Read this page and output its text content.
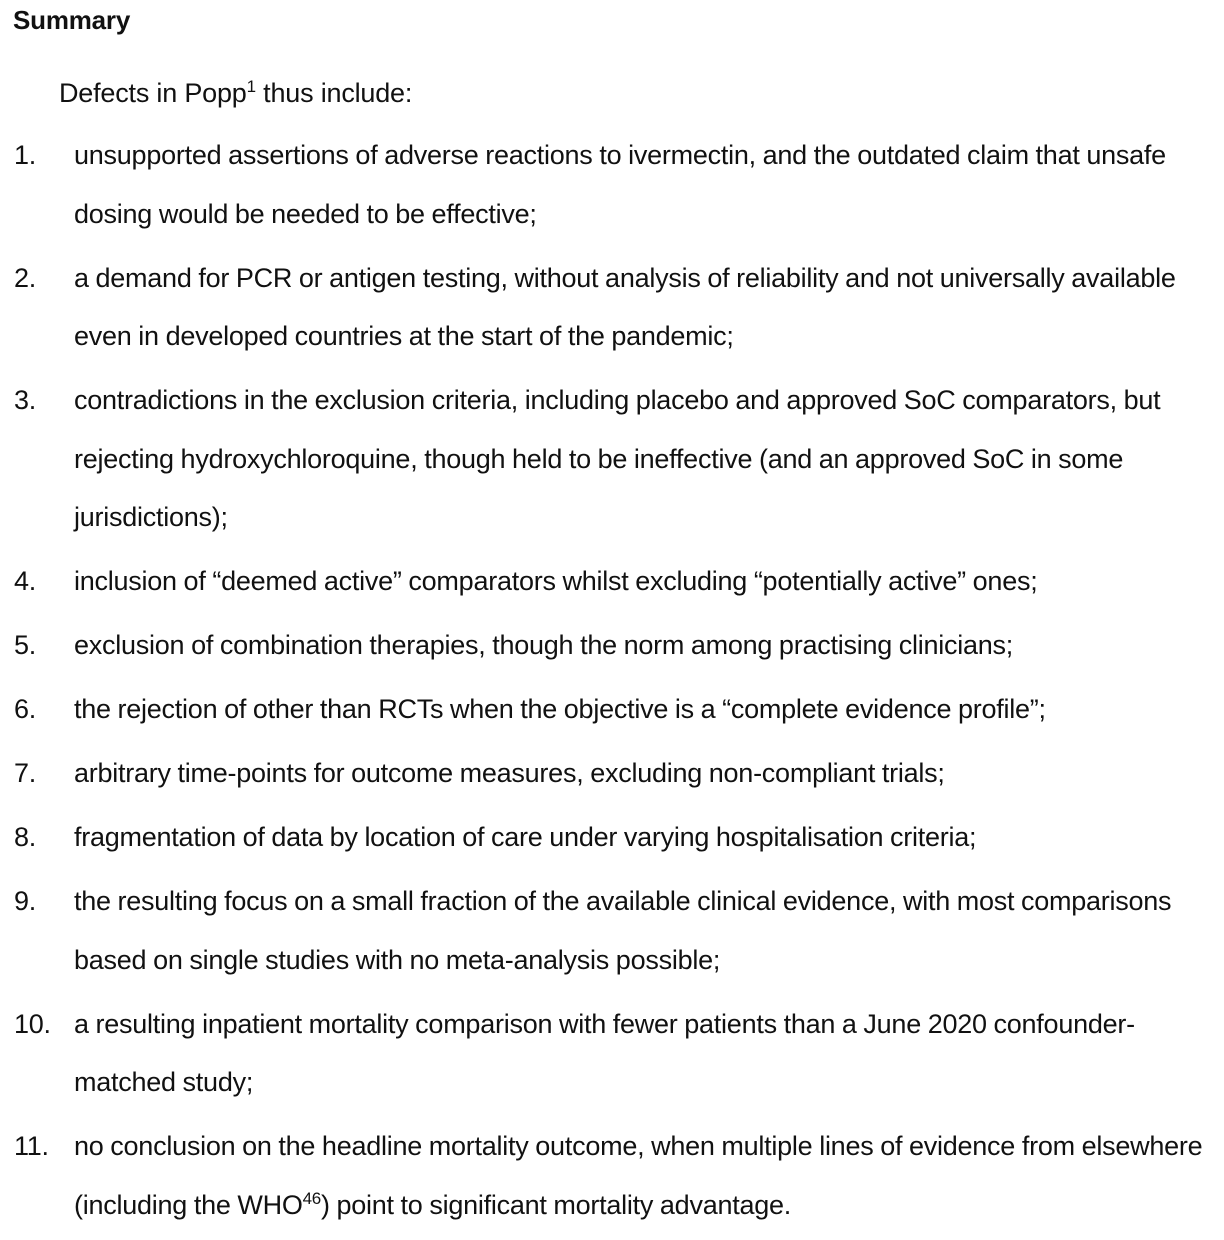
Summary
Defects in Popp$^1$ thus include:
1. unsupported assertions of adverse reactions to ivermectin, and the outdated claim that unsafe dosing would be needed to be effective;
2. a demand for PCR or antigen testing, without analysis of reliability and not universally available even in developed countries at the start of the pandemic;
3. contradictions in the exclusion criteria, including placebo and approved SoC comparators, but rejecting hydroxychloroquine, though held to be ineffective (and an approved SoC in some jurisdictions);
4. inclusion of “deemed active” comparators whilst excluding “potentially active” ones;
5. exclusion of combination therapies, though the norm among practising clinicians;
6. the rejection of other than RCTs when the objective is a “complete evidence profile”;
7. arbitrary time-points for outcome measures, excluding non-compliant trials;
8. fragmentation of data by location of care under varying hospitalisation criteria;
9. the resulting focus on a small fraction of the available clinical evidence, with most comparisons based on single studies with no meta-analysis possible;
10. a resulting inpatient mortality comparison with fewer patients than a June 2020 confounder-matched study;
11. no conclusion on the headline mortality outcome, when multiple lines of evidence from elsewhere (including the WHO$^{46}$) point to significant mortality advantage.
